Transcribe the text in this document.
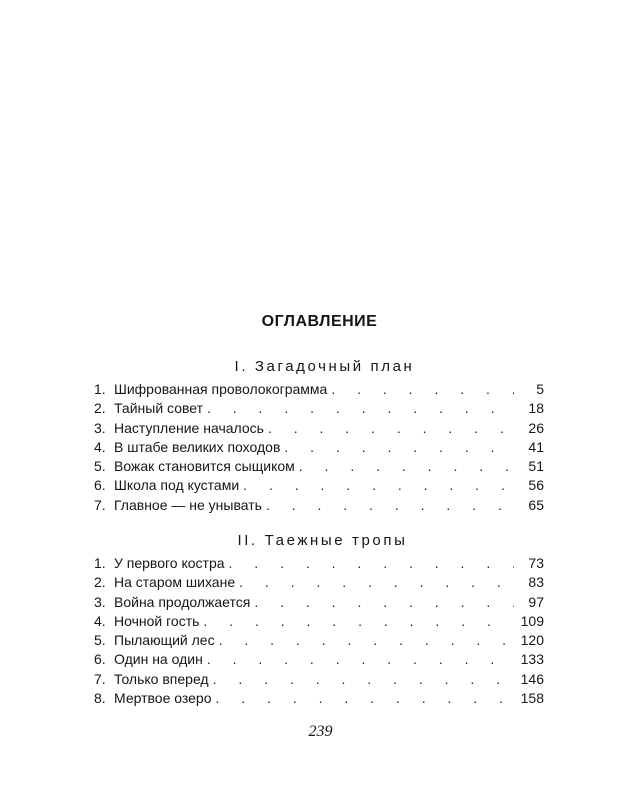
ОГЛАВЛЕНИЕ
I. Загадочный план
1. Шифрованная проволокограмма . . .	5
2. Тайный совет . . .	18
3. Наступление началось . . .	26
4. В штабе великих походов . . .	41
5. Вожак становится сыщиком . . .	51
6. Школа под кустами . . .	56
7. Главное — не унывать . . .	65
II. Таежные тропы
1. У первого костра . . .	73
2. На старом шихане . . .	83
3. Война продолжается . . .	97
4. Ночной гость . . .	109
5. Пылающий лес . . .	120
6. Один на один . . .	133
7. Только вперед . . .	146
8. Мертвое озеро . . .	158
239
